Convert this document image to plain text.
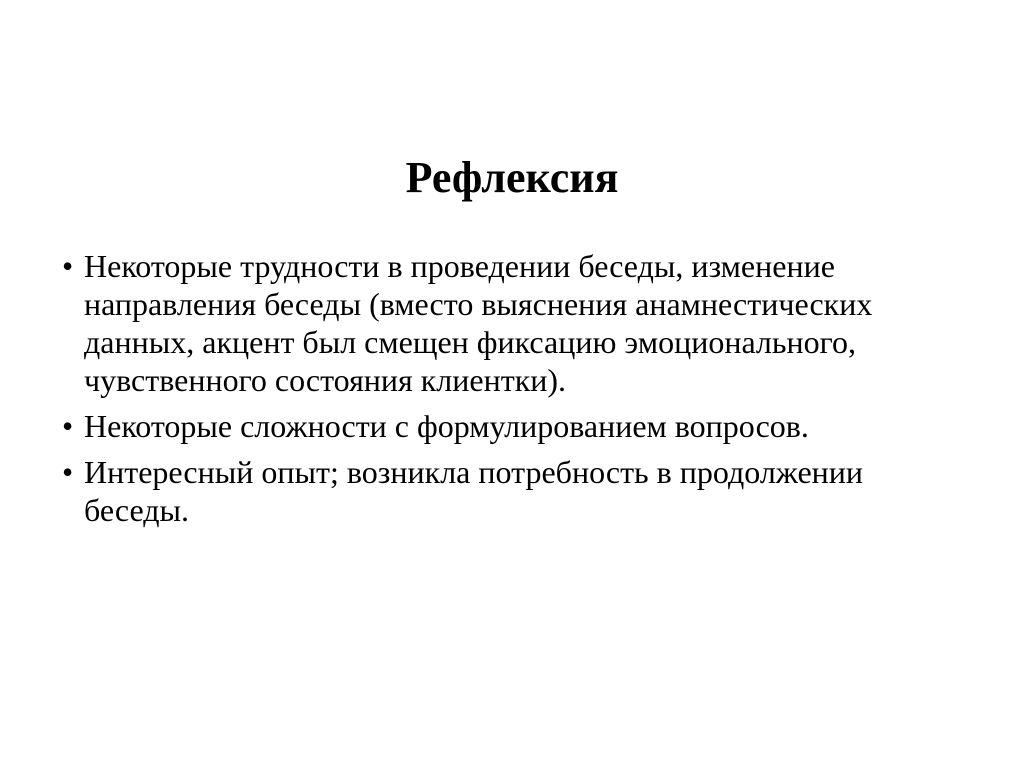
Рефлексия
• Некоторые трудности в проведении беседы, изменение направления беседы (вместо выяснения анамнестических данных, акцент был смещен фиксацию эмоционального, чувственного состояния клиентки).
• Некоторые сложности с формулированием вопросов.
• Интересный опыт; возникла потребность в продолжении беседы.
